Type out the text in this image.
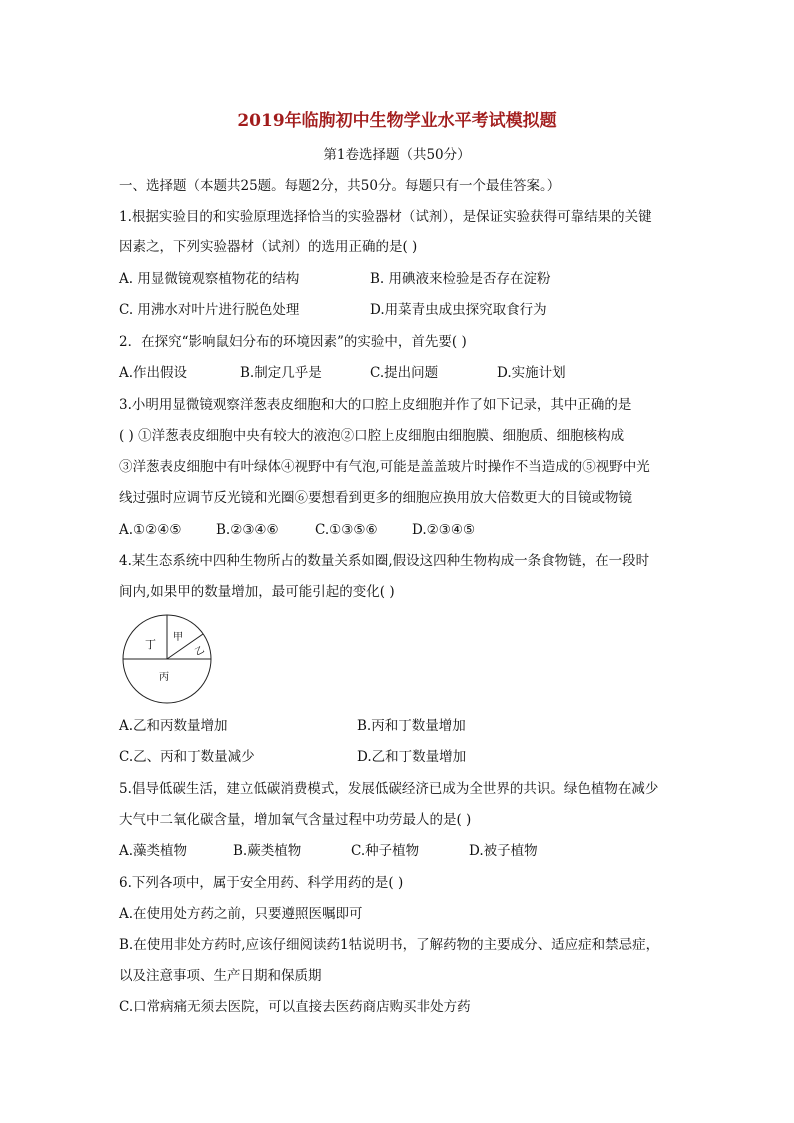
2019年临朐初中生物学业水平考试模拟题
第1卷选择题（共50分）
一、选择题（本题共25题。每题2分，共50分。每题只有一个最佳答案。）
1.根据实验目的和实验原理选择恰当的实验器材（试剂），是保证实验获得可靠结果的关键
因素之，下列实验器材（试剂）的选用正确的是( )
A. 用显微镜观察植物花的结构	B. 用碘液来检验是否存在淀粉
C. 用沸水对叶片进行脱色处理	D.用菜青虫成虫探究取食行为
2．在探究“影响鼠妇分布的环境因素”的实验中，首先要( )
A.作出假设	B.制定几乎是	C.提出问题	D.实施计划
3.小明用显微镜观察洋葱表皮细胞和大的口腔上皮细胞并作了如下记录，其中正确的是
( ) ①洋葱表皮细胞中央有较大的液泡②口腔上皮细胞由细胞膜、细胞质、细胞核构成
③洋葱表皮细胞中有叶绿体④视野中有气泡,可能是盖盖玻片时操作不当造成的⑤视野中光
线过强时应调节反光镜和光圈⑥要想看到更多的细胞应换用放大倍数更大的目镜或物镜
A.①②④⑤	B.②③④⑥	C.①③⑤⑥	D.②③④⑤
4.某生态系统中四种生物所占的数量关系如圈,假设这四种生物构成一条食物链，在一段时
间内,如果甲的数量增加，最可能引起的变化( )
丁
甲
乙
丙
A.乙和丙数量增加	B.丙和丁数量增加
C.乙、丙和丁数量减少	D.乙和丁数量增加
5.倡导低碳生活，建立低碳消费模式，发展低碳经济已成为全世界的共识。绿色植物在减少
大气中二氧化碳含量，增加氧气含量过程中功劳最人的是( )
A.藻类植物	B.蕨类植物	C.种子植物	D.被子植物
6.下列各项中，属于安全用药、科学用药的是( )
A.在使用处方药之前，只要遵照医嘱即可
B.在使用非处方药时,应该仔细阅读药1牯说明书，了解药物的主要成分、适应症和禁忌症，
以及注意事项、生产日期和保质期
C.口常病痛无须去医院，可以直接去医药商店购买非处方药
